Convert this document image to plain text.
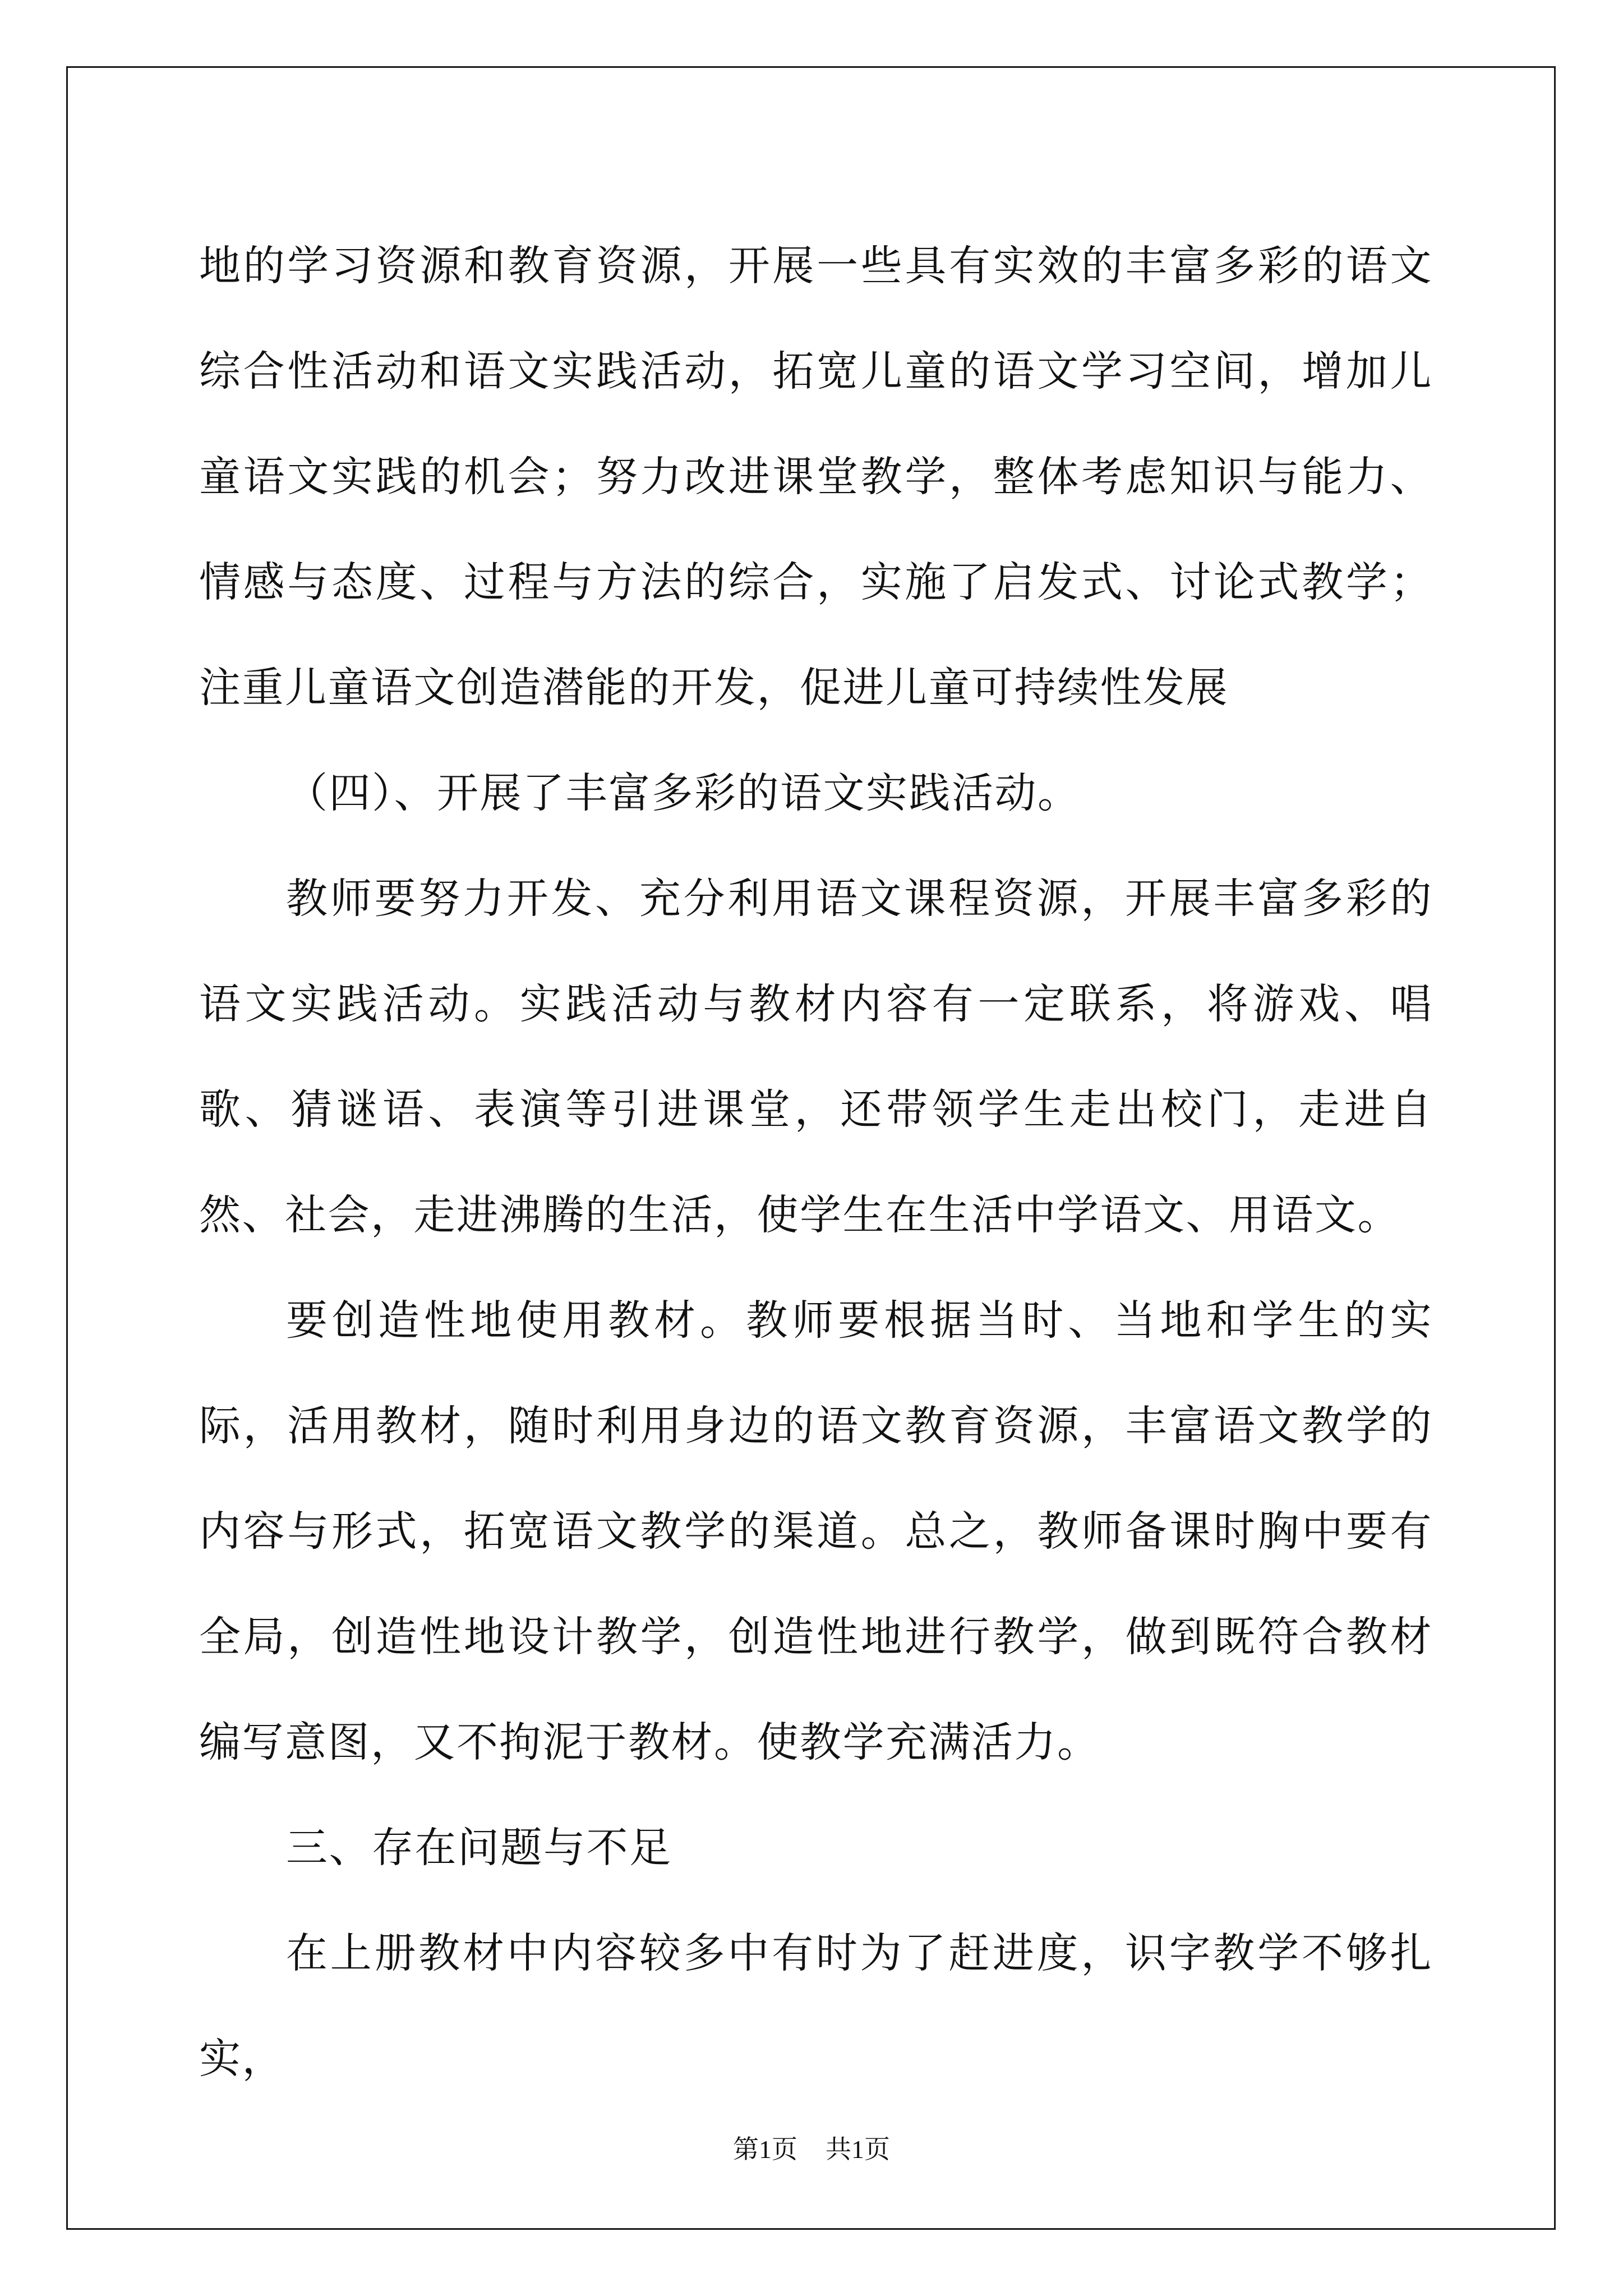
地的学习资源和教育资源，开展一些具有实效的丰富多彩的语文综合性活动和语文实践活动，拓宽儿童的语文学习空间，增加儿童语文实践的机会；努力改进课堂教学，整体考虑知识与能力、情感与态度、过程与方法的综合，实施了启发式、讨论式教学；注重儿童语文创造潜能的开发，促进儿童可持续性发展

（四）、开展了丰富多彩的语文实践活动。

教师要努力开发、充分利用语文课程资源，开展丰富多彩的语文实践活动。实践活动与教材内容有一定联系，将游戏、唱歌、猜谜语、表演等引进课堂，还带领学生走出校门，走进自然、社会，走进沸腾的生活，使学生在生活中学语文、用语文。

要创造性地使用教材。教师要根据当时、当地和学生的实际，活用教材，随时利用身边的语文教育资源，丰富语文教学的内容与形式，拓宽语文教学的渠道。总之，教师备课时胸中要有全局，创造性地设计教学，创造性地进行教学，做到既符合教材编写意图，又不拘泥于教材。使教学充满活力。

三、存在问题与不足

在上册教材中内容较多中有时为了赶进度，识字教学不够扎实，

第1页 共1页
